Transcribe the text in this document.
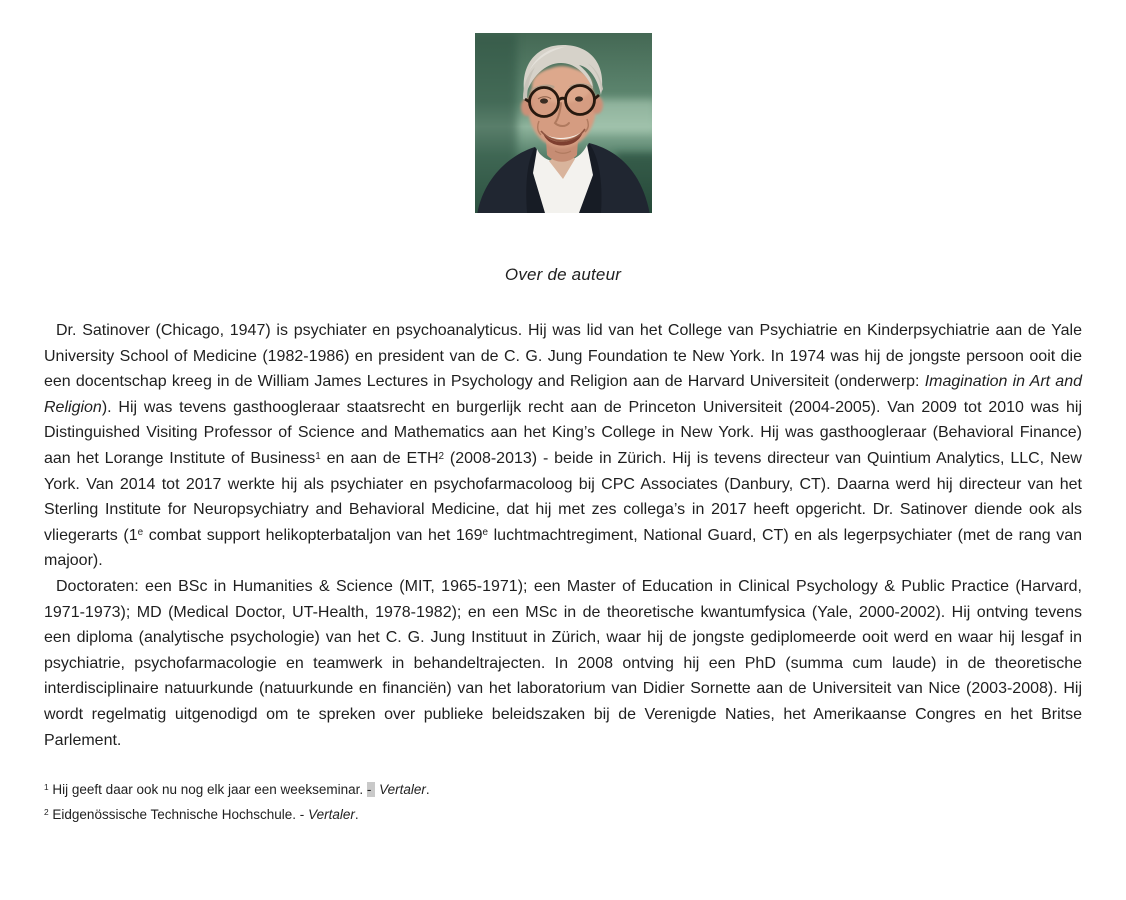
Over de auteur

Dr. Satinover (Chicago, 1947) is psychiater en psychoanalyticus. Hij was lid van het College van Psychiatrie en Kinderpsychiatrie aan de Yale University School of Medicine (1982-1986) en president van de C. G. Jung Foundation te New York. In 1974 was hij de jongste persoon ooit die een docentschap kreeg in de William James Lectures in Psychology and Religion aan de Harvard Universiteit (onderwerp: Imagination in Art and Religion). Hij was tevens gasthoogleraar staatsrecht en burgerlijk recht aan de Princeton Universiteit (2004-2005). Van 2009 tot 2010 was hij Distinguished Visiting Professor of Science and Mathematics aan het King’s College in New York. Hij was gasthoogleraar (Behavioral Finance) aan het Lorange Institute of Business$^1$ en aan de ETH$^2$ (2008-2013) - beide in Zürich. Hij is tevens directeur van Quintium Analytics, LLC, New York. Van 2014 tot 2017 werkte hij als psychiater en psychofarmacoloog bij CPC Associates (Danbury, CT). Daarna werd hij directeur van het Sterling Institute for Neuropsychiatry and Behavioral Medicine, dat hij met zes collega’s in 2017 heeft opgericht. Dr. Satinover diende ook als vliegerarts (1e combat support helikopterbataljon van het 169e luchtmachtregiment, National Guard, CT) en als legerpsychiater (met de rang van majoor).

Doctoraten: een BSc in Humanities & Science (MIT, 1965-1971); een Master of Education in Clinical Psychology & Public Practice (Harvard, 1971-1973); MD (Medical Doctor, UT-Health, 1978-1982); en een MSc in de theoretische kwantumfysica (Yale, 2000-2002). Hij ontving tevens een diploma (analytische psychologie) van het C. G. Jung Instituut in Zürich, waar hij de jongste gediplomeerde ooit werd en waar hij lesgaf in psychiatrie, psychofarmacologie en teamwerk in behandeltrajecten. In 2008 ontving hij een PhD (summa cum laude) in de theoretische interdisciplinaire natuurkunde (natuurkunde en financiën) van het laboratorium van Didier Sornette aan de Universiteit van Nice (2003-2008). Hij wordt regelmatig uitgenodigd om te spreken over publieke beleidszaken bij de Verenigde Naties, het Amerikaanse Congres en het Britse Parlement.

$^1$ Hij geeft daar ook nu nog elk jaar een weekseminar. - Vertaler.

$^2$ Eidgenössische Technische Hochschule. - Vertaler.
